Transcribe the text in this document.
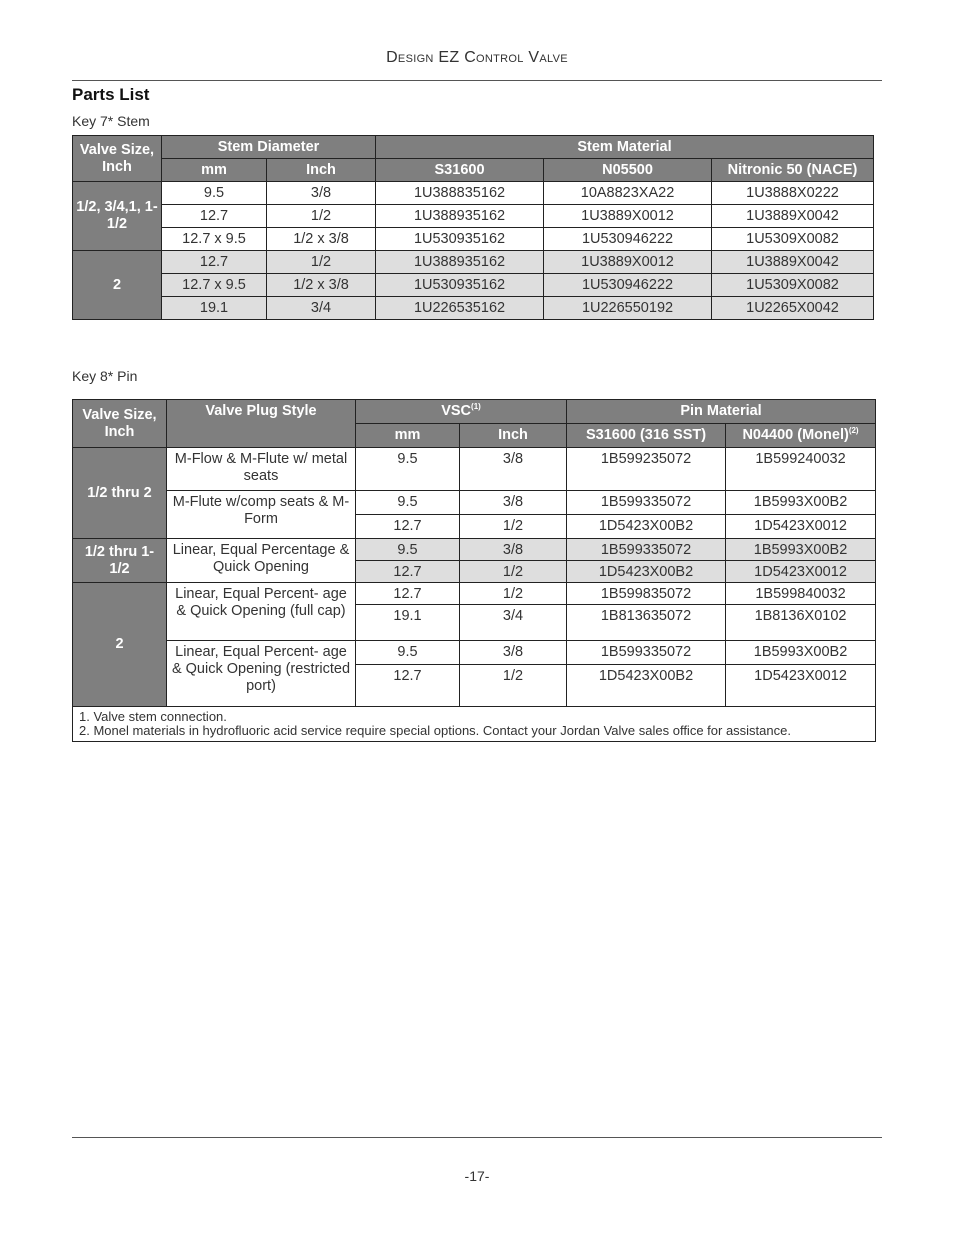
Design EZ Control Valve
Parts List
Key 7* Stem
Valve Size, Inch	Stem Diameter		Stem Material		
	mm	Inch	S31600	N05500	Nitronic 50 (NACE)
1/2, 3/4,1, 1-1/2	9.5	3/8	1U388835162	10A8823XA22	1U3888X0222
	12.7	1/2	1U388935162	1U3889X0012	1U3889X0042
	12.7 x 9.5	1/2 x 3/8	1U530935162	1U530946222	1U5309X0082
2	12.7	1/2	1U388935162	1U3889X0012	1U3889X0042
	12.7 x 9.5	1/2 x 3/8	1U530935162	1U530946222	1U5309X0082
	19.1	3/4	1U226535162	1U226550192	1U2265X0042
Key 8* Pin
Valve Size, Inch	Valve Plug Style	VSC$^{(1)}$		Pin Material	
		mm	Inch	S31600 (316 SST)	N04400 (Monel)$^{(2)}$
1/2 thru 2	M-Flow & M-Flute w/ metal seats	9.5	3/8	1B599235072	1B599240032
	M-Flute w/comp seats & M-Form	9.5	3/8	1B599335072	1B5993X00B2
		12.7	1/2	1D5423X00B2	1D5423X0012
1/2 thru 1-1/2	Linear, Equal Percentage & Quick Opening	9.5	3/8	1B599335072	1B5993X00B2
		12.7	1/2	1D5423X00B2	1D5423X0012
2	Linear, Equal Percent- age & Quick Opening (full cap)	12.7	1/2	1B599835072	1B599840032
		19.1	3/4	1B813635072	1B8136X0102
	Linear, Equal Percent- age & Quick Opening (restricted port)	9.5	3/8	1B599335072	1B5993X00B2
		12.7	1/2	1D5423X00B2	1D5423X0012

1. Valve stem connection.
2. Monel materials in hydrofluoric acid service require special options. Contact your Jordan Valve sales office for assistance.					
-17-
